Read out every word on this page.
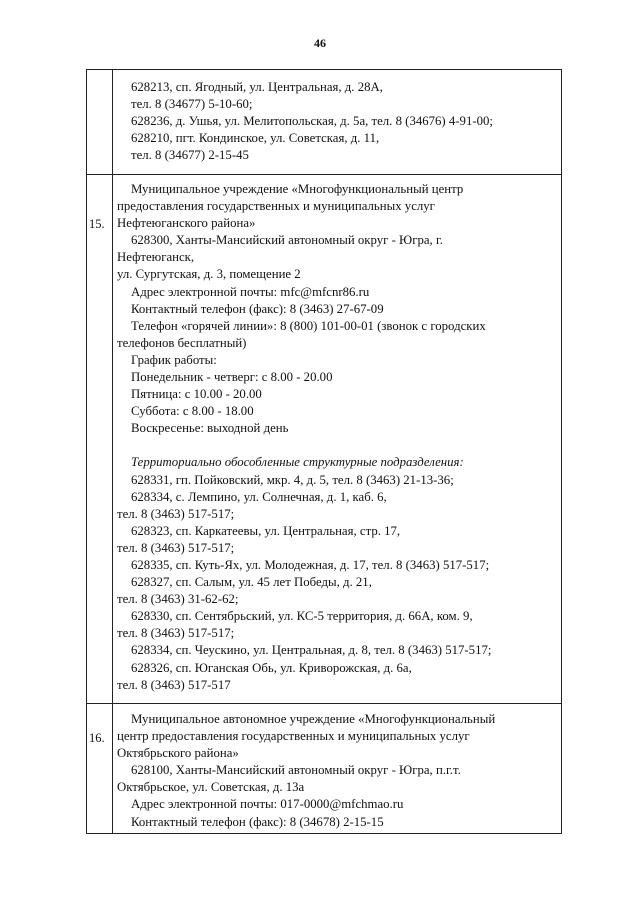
46
628213, сп. Ягодный, ул. Центральная, д. 28А,
тел. 8 (34677) 5-10-60;
628236, д. Ушья, ул. Мелитопольская, д. 5а, тел. 8 (34676) 4-91-00;
628210, пгт. Кондинское, ул. Советская, д. 11,
тел. 8 (34677) 2-15-45
15.
Муниципальное учреждение «Многофункциональный центр
предоставления государственных и муниципальных услуг
Нефтеюганского района»
628300, Ханты-Мансийский автономный округ - Югра, г.
Нефтеюганск,
ул. Сургутская, д. 3, помещение 2
Адрес электронной почты: mfc@mfcnr86.ru
Контактный телефон (факс): 8 (3463) 27-67-09
Телефон «горячей линии»: 8 (800) 101-00-01 (звонок с городских
телефонов бесплатный)
График работы:
Понедельник - четверг: с 8.00 - 20.00
Пятница: с 10.00 - 20.00
Суббота: с 8.00 - 18.00
Воскресенье: выходной день
Территориально обособленные структурные подразделения:
628331, гп. Пойковский, мкр. 4, д. 5, тел. 8 (3463) 21-13-36;
628334, с. Лемпино, ул. Солнечная, д. 1, каб. 6,
тел. 8 (3463) 517-517;
628323, сп. Каркатеевы, ул. Центральная, стр. 17,
тел. 8 (3463) 517-517;
628335, сп. Куть-Ях, ул. Молодежная, д. 17, тел. 8 (3463) 517-517;
628327, сп. Салым, ул. 45 лет Победы, д. 21,
тел. 8 (3463) 31-62-62;
628330, сп. Сентябрьский, ул. КС-5 территория, д. 66А, ком. 9,
тел. 8 (3463) 517-517;
628334, сп. Чеускино, ул. Центральная, д. 8, тел. 8 (3463) 517-517;
628326, сп. Юганская Обь, ул. Криворожская, д. 6а,
тел. 8 (3463) 517-517
16.
Муниципальное автономное учреждение «Многофункциональный
центр предоставления государственных и муниципальных услуг
Октябрьского района»
628100, Ханты-Мансийский автономный округ - Югра, п.г.т.
Октябрьское, ул. Советская, д. 13а
Адрес электронной почты: 017-0000@mfchmao.ru
Контактный телефон (факс): 8 (34678) 2-15-15
